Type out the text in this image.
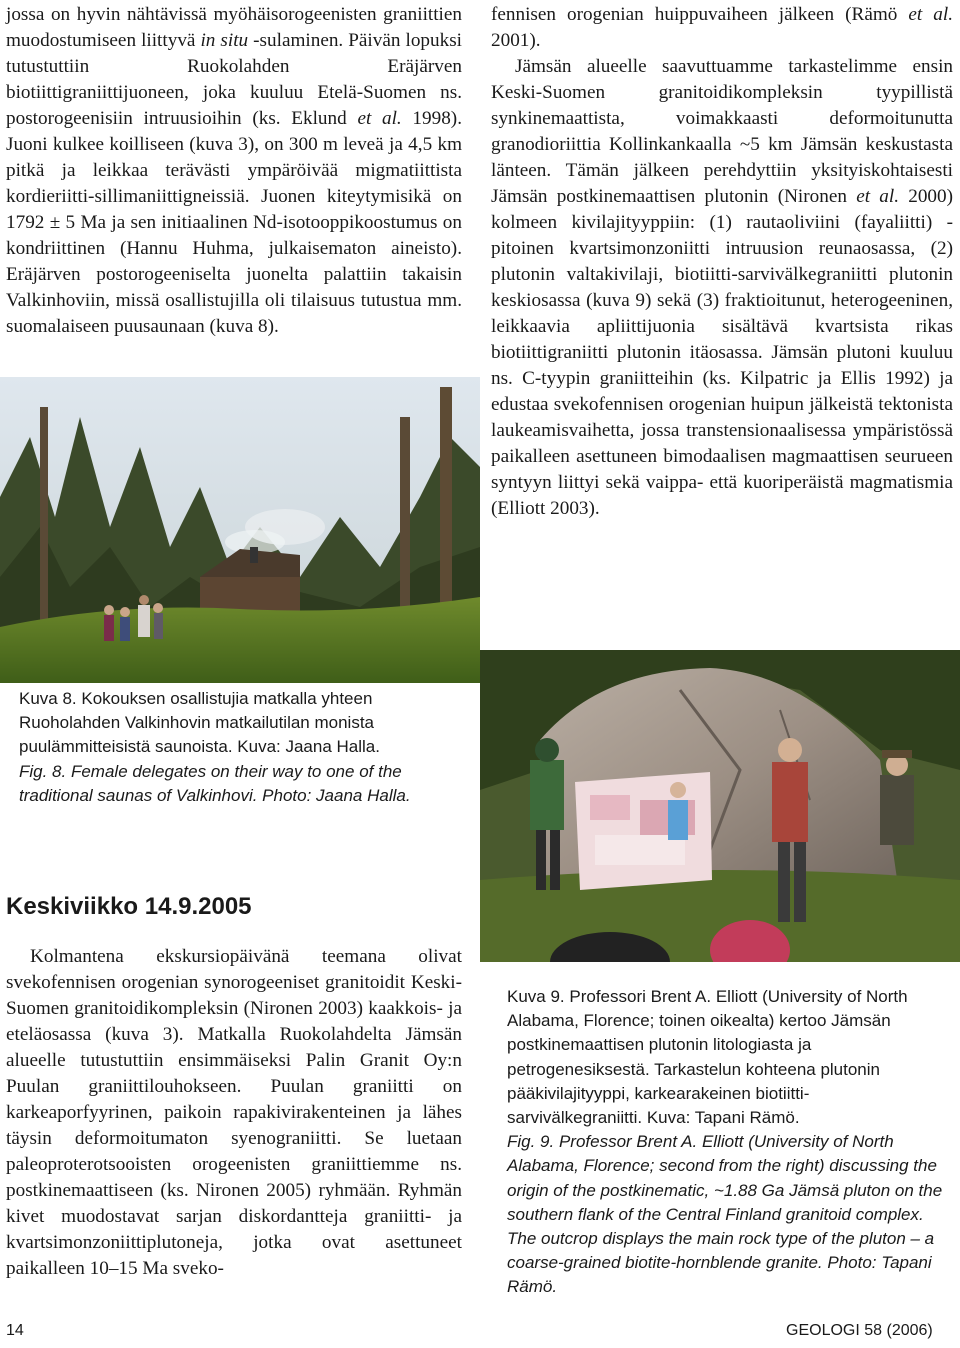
jossa on hyvin nähtävissä myöhäisorogeenisten graniittien muodostumiseen liittyvä in situ -sulaminen. Päivän lopuksi tutustuttiin Ruokolahden Eräjärven biotiittigraniittijuoneen, joka kuuluu Etelä-Suomen ns. postorogeenisiin intruusioihin (ks. Eklund et al. 1998). Juoni kulkee koilliseen (kuva 3), on 300 m leveä ja 4,5 km pitkä ja leikkaa terävästi ympäröivää migmatiittista kordieriitti-sillimaniittigneissiä. Juonen kiteytymisikä on 1792 ± 5 Ma ja sen initiaalinen Nd-isotooppikoostumus on kondriittinen (Hannu Huhma, julkaisematon aineisto). Eräjärven postorogeeniselta juonelta palattiin takaisin Valkinhoviin, missä osallistujilla oli tilaisuus tutustua mm. suomalaiseen puusaunaan (kuva 8).

fennisen orogenian huippuvaiheen jälkeen (Rämö et al. 2001).

Jämsän alueelle saavuttuamme tarkastelimme ensin Keski-Suomen granitoidikompleksin tyypillistä synkinemaattista, voimakkaasti deformoitunutta granodioriittia Kollinkankaalla ~5 km Jämsän keskustasta länteen. Tämän jälkeen perehdyttiin yksityiskohtaisesti Jämsän postkinemaattisen plutonin (Nironen et al. 2000) kolmeen kivilajityyppiin: (1) rautaoliviini (fayaliitti) -pitoinen kvartsimonzoniitti intruusion reunaosassa, (2) plutonin valtakivilaji, biotiitti-sarvivälkegraniitti plutonin keskiosassa (kuva 9) sekä (3) fraktioitunut, heterogeeninen, leikkaavia apliittijuonia sisältävä kvartsista rikas biotiittigraniitti plutonin itäosassa. Jämsän plutoni kuuluu ns. C-tyypin graniitteihin (ks. Kilpatric ja Ellis 1992) ja edustaa svekofennisen orogenian huipun jälkeistä tektonista laukeamisvaihetta, jossa transtensionaalisessa ympäristössä paikalleen asettuneen bimodaalisen magmaattisen seurueen syntyyn liittyi sekä vaippa- että kuoriperäistä magmatismia (Elliott 2003).

Kuva 8. Kokouksen osallistujia matkalla yhteen Ruoholahden Valkinhovin matkailutilan monista puulämmitteisistä saunoista. Kuva: Jaana Halla.
Fig. 8. Female delegates on their way to one of the traditional saunas of Valkinhovi. Photo: Jaana Halla.
Keskiviikko 14.9.2005

Kolmantena ekskursiopäivänä teemana olivat svekofennisen orogenian synorogeeniset granitoidit Keski-Suomen granitoidikompleksin (Nironen 2003) kaakkois- ja eteläosassa (kuva 3). Matkalla Ruokolahdelta Jämsän alueelle tutustuttiin ensimmäiseksi Palin Granit Oy:n Puulan graniittilouhokseen. Puulan graniitti on karkeaporfyyrinen, paikoin rapakivirakenteinen ja lähes täysin deformoitumaton syenograniitti. Se luetaan paleoproterotsooisten orogeenisten graniittiemme ns. postkinemaattiseen (ks. Nironen 2005) ryhmään. Ryhmän kivet muodostavat sarjan diskordantteja graniitti- ja kvartsimonzoniittiplutoneja, jotka ovat asettuneet paikalleen 10–15 Ma sveko-

Kuva 9. Professori Brent A. Elliott (University of North Alabama, Florence; toinen oikealta) kertoo Jämsän postkinemaattisen plutonin litologiasta ja petrogenesiksestä. Tarkastelun kohteena plutonin pääkivilajityyppi, karkearakeinen biotiitti-sarvivälkegraniitti. Kuva: Tapani Rämö.
Fig. 9. Professor Brent A. Elliott (University of North Alabama, Florence; second from the right) discussing the origin of the postkinematic, ~1.88 Ga Jämsä pluton on the southern flank of the Central Finland granitoid complex. The outcrop displays the main rock type of the pluton – a coarse-grained biotite-hornblende granite. Photo: Tapani Rämö.
14	GEOLOGI 58 (2006)
